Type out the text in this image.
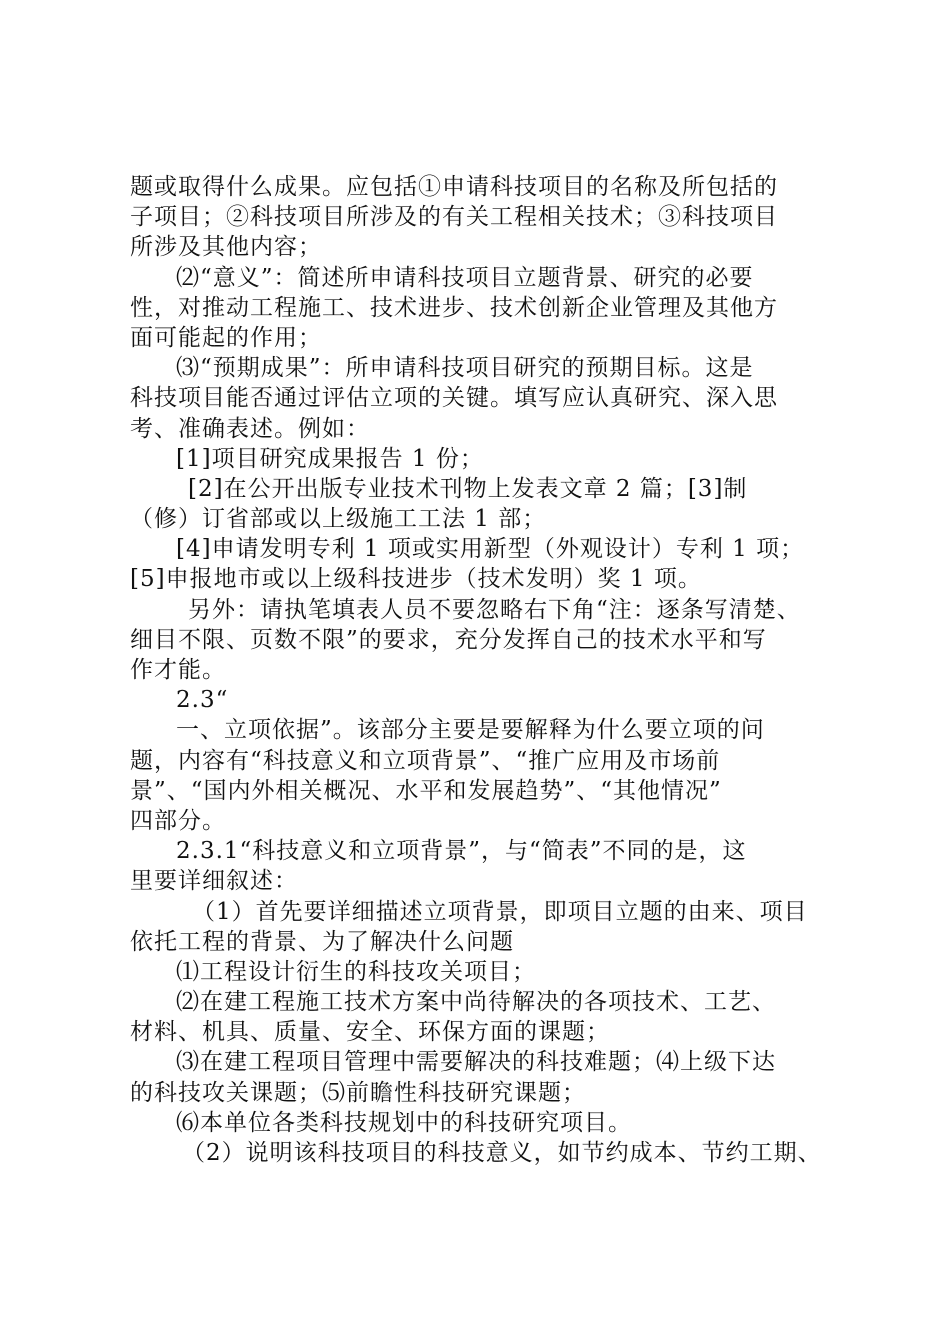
题或取得什么成果。应包括①申请科技项目的名称及所包括的
子项目；②科技项目所涉及的有关工程相关技术；③科技项目
所涉及其他内容；
⑵“意义”：简述所申请科技项目立题背景、研究的必要
性，对推动工程施工、技术进步、技术创新企业管理及其他方
面可能起的作用；
⑶“预期成果”：所申请科技项目研究的预期目标。这是
科技项目能否通过评估立项的关键。填写应认真研究、深入思
考、准确表述。例如：
[1]项目研究成果报告 1 份；
[2]在公开出版专业技术刊物上发表文章 2 篇；[3]制
（修）订省部或以上级施工工法 1 部；
[4]申请发明专利 1 项或实用新型（外观设计）专利 1 项；
[5]申报地市或以上级科技进步（技术发明）奖 1 项。
另外：请执笔填表人员不要忽略右下角“注：逐条写清楚、
细目不限、页数不限”的要求，充分发挥自己的技术水平和写
作才能。
2.3“
一、立项依据”。该部分主要是要解释为什么要立项的问
题，内容有“科技意义和立项背景”、“推广应用及市场前
景”、“国内外相关概况、水平和发展趋势”、“其他情况”
四部分。
2.3.1“科技意义和立项背景”，与“简表”不同的是，这
里要详细叙述：
（1）首先要详细描述立项背景，即项目立题的由来、项目
依托工程的背景、为了解决什么问题
⑴工程设计衍生的科技攻关项目；
⑵在建工程施工技术方案中尚待解决的各项技术、工艺、
材料、机具、质量、安全、环保方面的课题；
⑶在建工程项目管理中需要解决的科技难题；⑷上级下达
的科技攻关课题；⑸前瞻性科技研究课题；
⑹本单位各类科技规划中的科技研究项目。
（2）说明该科技项目的科技意义，如节约成本、节约工期、
